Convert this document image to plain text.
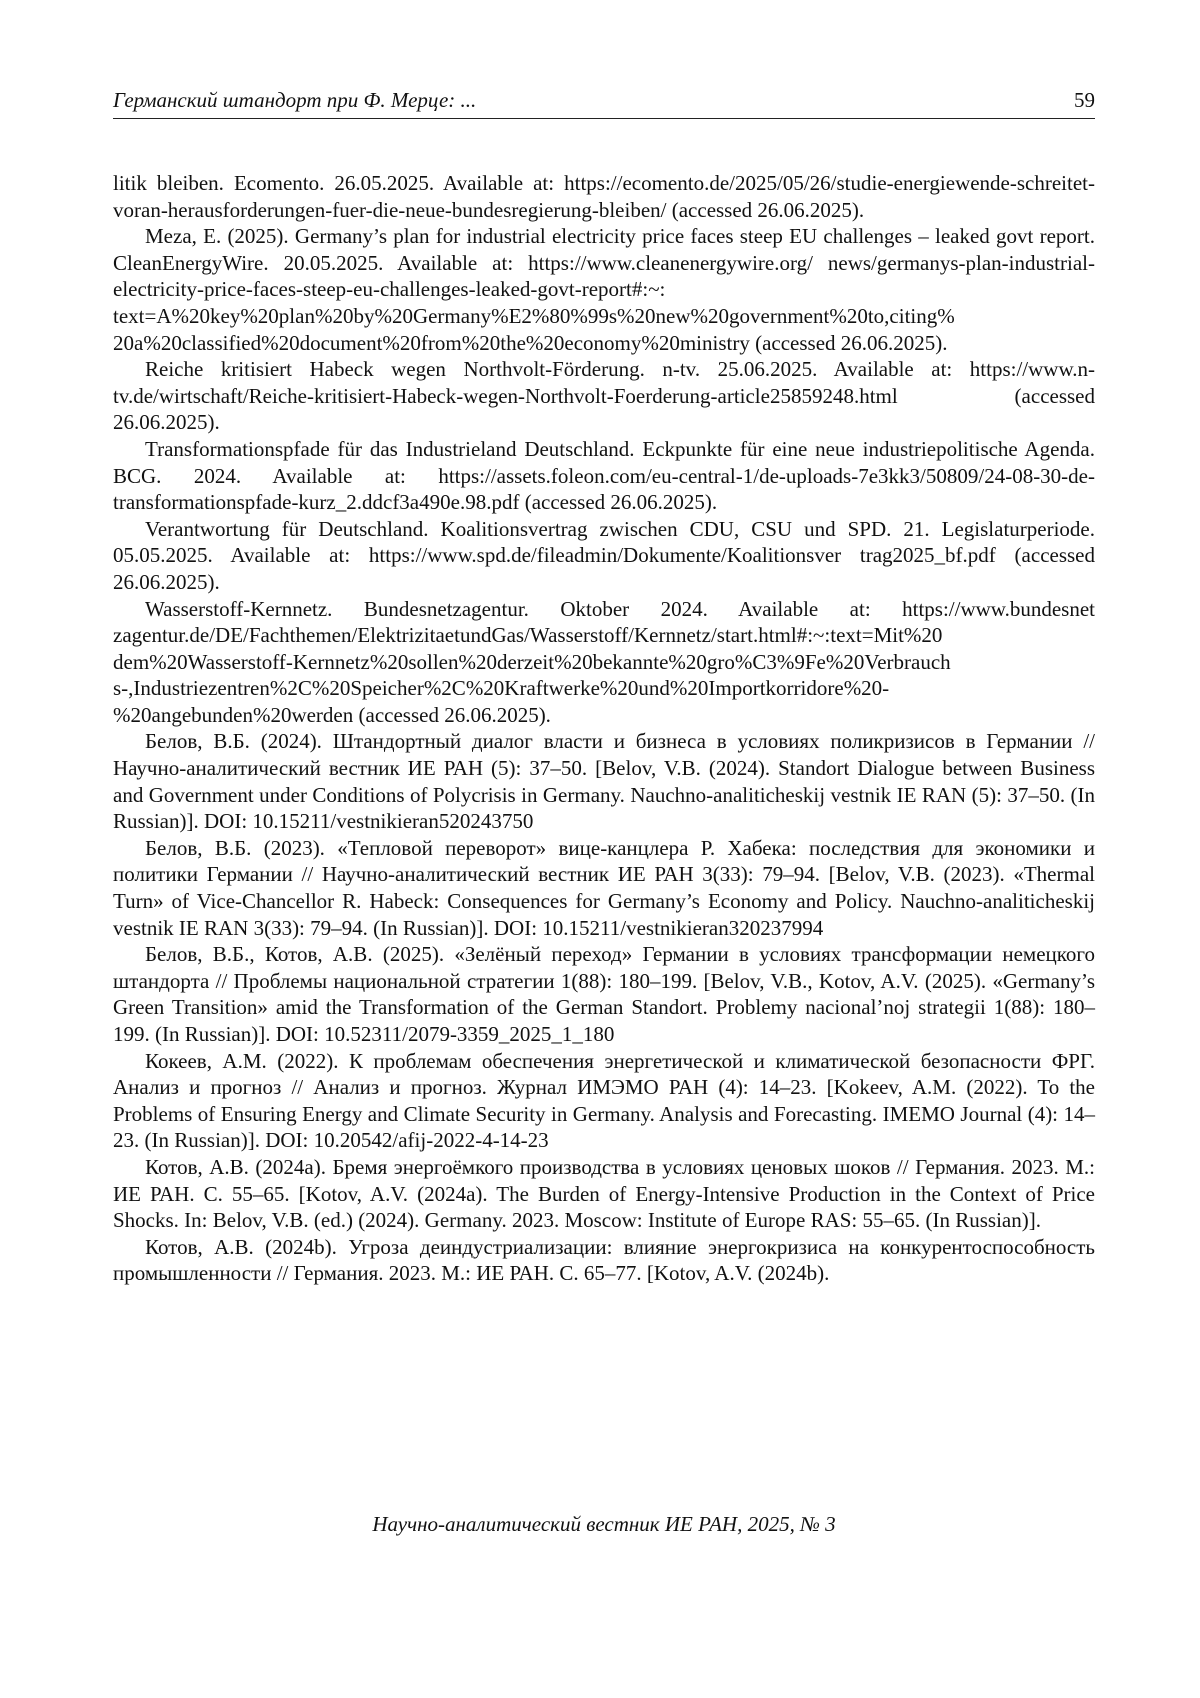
Германский штандорт при Ф. Мерце: ...	59

litik bleiben. Ecomento. 26.05.2025. Available at: https://ecomento.de/2025/05/26/studie-energiewende-schreitet-voran-herausforderungen-fuer-die-neue-bundesregierung-bleiben/ (accessed 26.06.2025).

Meza, E. (2025). Germany’s plan for industrial electricity price faces steep EU challenges – leaked govt report. CleanEnergyWire. 20.05.2025. Available at: https://www.cleanenergywire.org/ news/germanys-plan-industrial-electricity-price-faces-steep-eu-challenges-leaked-govt-report#:~: text=A%20key%20plan%20by%20Germany%E2%80%99s%20new%20government%20to,citing% 20a%20classified%20document%20from%20the%20economy%20ministry (accessed 26.06.2025).

Reiche kritisiert Habeck wegen Northvolt-Förderung. n-tv. 25.06.2025. Available at: https://www.n-tv.de/wirtschaft/Reiche-kritisiert-Habeck-wegen-Northvolt-Foerderung-article25859248.html (accessed 26.06.2025).

Transformationspfade für das Industrieland Deutschland. Eckpunkte für eine neue industriepolitische Agenda. BCG. 2024. Available at: https://assets.foleon.com/eu-central-1/de-uploads-7e3kk3/50809/24-08-30-de-transformationspfade-kurz_2.ddcf3a490e.98.pdf (accessed 26.06.2025).

Verantwortung für Deutschland. Koalitionsvertrag zwischen CDU, CSU und SPD. 21. Legislaturperiode. 05.05.2025. Available at: https://www.spd.de/fileadmin/Dokumente/Koalitionsver trag2025_bf.pdf (accessed 26.06.2025).

Wasserstoff-Kernnetz. Bundesnetzagentur. Oktober 2024. Available at: https://www.bundesnet zagentur.de/DE/Fachthemen/ElektrizitaetundGas/Wasserstoff/Kernnetz/start.html#:~:text=Mit%20 dem%20Wasserstoff-Kernnetz%20sollen%20derzeit%20bekannte%20gro%C3%9Fe%20Verbrauch s-,Industriezentren%2C%20Speicher%2C%20Kraftwerke%20und%20Importkorridore%20- %20angebunden%20werden (accessed 26.06.2025).

Белов, В.Б. (2024). Штандортный диалог власти и бизнеса в условиях поликризисов в Германии // Научно-аналитический вестник ИЕ РАН (5): 37–50. [Belov, V.B. (2024). Standort Dialogue between Business and Government under Conditions of Polycrisis in Germany. Nauchno-analiticheskij vestnik IE RAN (5): 37–50. (In Russian)]. DOI: 10.15211/vestnikieran520243750

Белов, В.Б. (2023). «Тепловой переворот» вице-канцлера Р. Хабека: последствия для экономики и политики Германии // Научно-аналитический вестник ИЕ РАН 3(33): 79–94. [Belov, V.B. (2023). «Thermal Turn» of Vice-Chancellor R. Habeck: Consequences for Germany’s Economy and Policy. Nauchno-analiticheskij vestnik IE RAN 3(33): 79–94. (In Russian)]. DOI: 10.15211/vestnikieran320237994

Белов, В.Б., Котов, А.В. (2025). «Зелёный переход» Германии в условиях трансформации немецкого штандорта // Проблемы национальной стратегии 1(88): 180–199. [Belov, V.B., Kotov, A.V. (2025). «Germany’s Green Transition» amid the Transformation of the German Standort. Problemy nacional’noj strategii 1(88): 180–199. (In Russian)]. DOI: 10.52311/2079-3359_2025_1_180

Кокеев, А.М. (2022). К проблемам обеспечения энергетической и климатической безопасности ФРГ. Анализ и прогноз // Анализ и прогноз. Журнал ИМЭМО РАН (4): 14–23. [Kokeev, A.M. (2022). To the Problems of Ensuring Energy and Climate Security in Germany. Analysis and Forecasting. IMEMO Journal (4): 14–23. (In Russian)]. DOI: 10.20542/afij-2022-4-14-23

Котов, А.В. (2024a). Бремя энергоёмкого производства в условиях ценовых шоков // Германия. 2023. М.: ИЕ РАН. С. 55–65. [Kotov, A.V. (2024a). The Burden of Energy-Intensive Production in the Context of Price Shocks. In: Belov, V.B. (ed.) (2024). Germany. 2023. Moscow: Institute of Europe RAS: 55–65. (In Russian)].

Котов, А.В. (2024b). Угроза деиндустриализации: влияние энергокризиса на конкурентоспособность промышленности // Германия. 2023. М.: ИЕ РАН. С. 65–77. [Kotov, A.V. (2024b).

Научно-аналитический вестник ИЕ РАН, 2025, № 3
